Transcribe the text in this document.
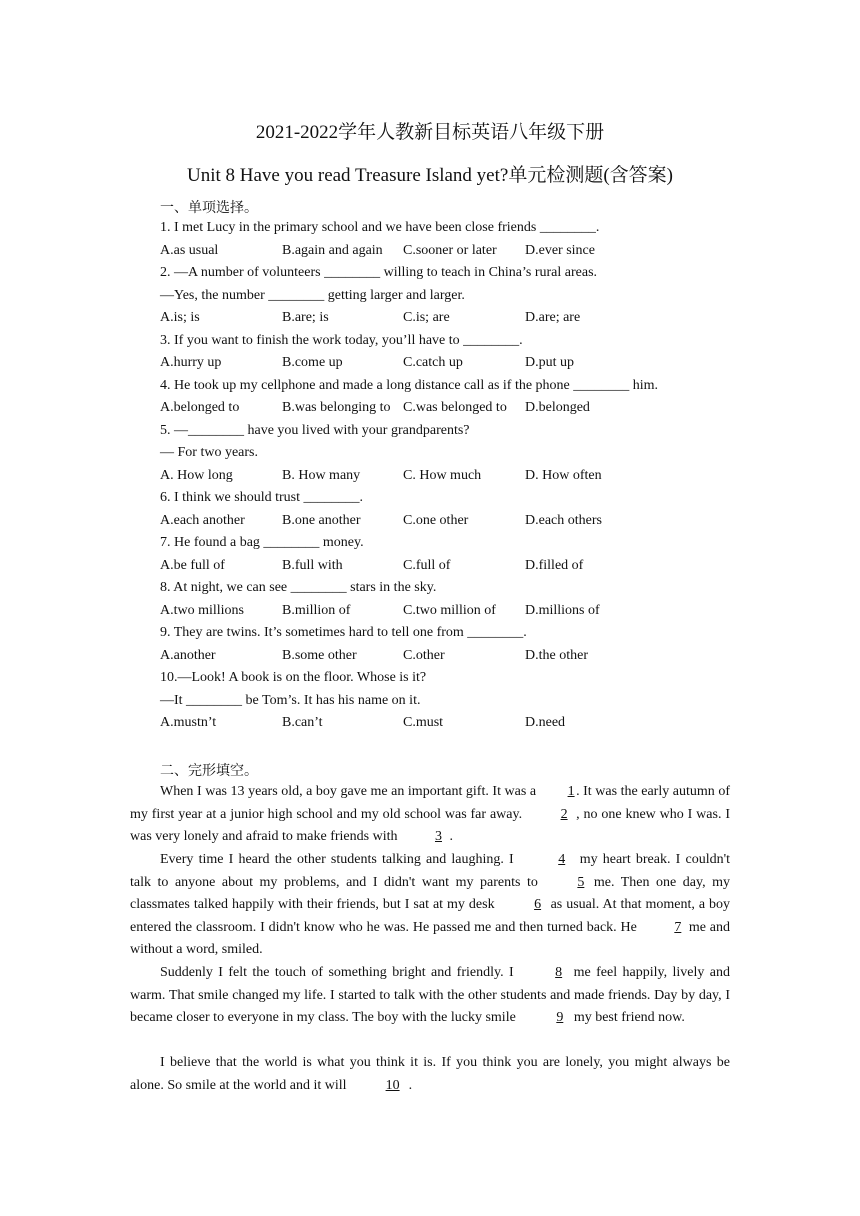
2021-2022学年人教新目标英语八年级下册
Unit 8 Have you read Treasure Island yet?单元检测题(含答案)
一、单项选择。
1. I met Lucy in the primary school and we have been close friends ________.
A.as usual	B.again and again C.sooner or later D.ever since
2. —A number of volunteers ________ willing to teach in China’s rural areas.
—Yes, the number ________ getting larger and larger.
A.is; is	B.are; is	C.is; are	D.are; are
3. If you want to finish the work today, you’ll have to ________.
A.hurry up	B.come up	C.catch up	D.put up
4. He took up my cellphone and made a long distance call as if the phone ________ him.
A.belonged to	B.was belonging to C.was belonged to D.belonged
5. —________ have you lived with your grandparents?
— For two years.
A. How long	B. How many	C. How much	D. How often
6. I think we should trust ________.
A.each another	B.one another	C.one other	D.each others
7. He found a bag ________ money.
A.be full of	B.full with	C.full of	D.filled of
8. At night, we can see ________ stars in the sky.
A.two millions	B.million of	C.two million of D.millions of
9. They are twins. It’s sometimes hard to tell one from ________.
A.another	B.some other	C.other	D.the other
10.—Look! A book is on the floor. Whose is it?
—It ________ be Tom’s. It has his name on it.
A.mustn’t	B.can’t	C.must	D.need
二、完形填空。
When I was 13 years old, a boy gave me an important gift. It was a 1 . It was the early autumn of my first year at a junior high school and my old school was far away.	2 , no one knew who I was. I was very lonely and afraid to make friends with	3 .
Every time I heard the other students talking and laughing. I	4 my heart break. I couldn't talk to anyone about my problems, and I didn't want my parents to	5 me. Then one day, my classmates talked happily with their friends, but I sat at my desk	6 as usual. At that moment, a boy entered the classroom. I didn't know who he was. He passed me and then turned back. He	7 me and without a word, smiled.
Suddenly I felt the touch of something bright and friendly. I	8 me feel happily, lively and warm. That smile changed my life. I started to talk with the other students and made friends. Day by day, I became closer to everyone in my class. The boy with the lucky smile	9 my best friend now.
I believe that the world is what you think it is. If you think you are lonely, you might always be alone. So smile at the world and it will	10 .
